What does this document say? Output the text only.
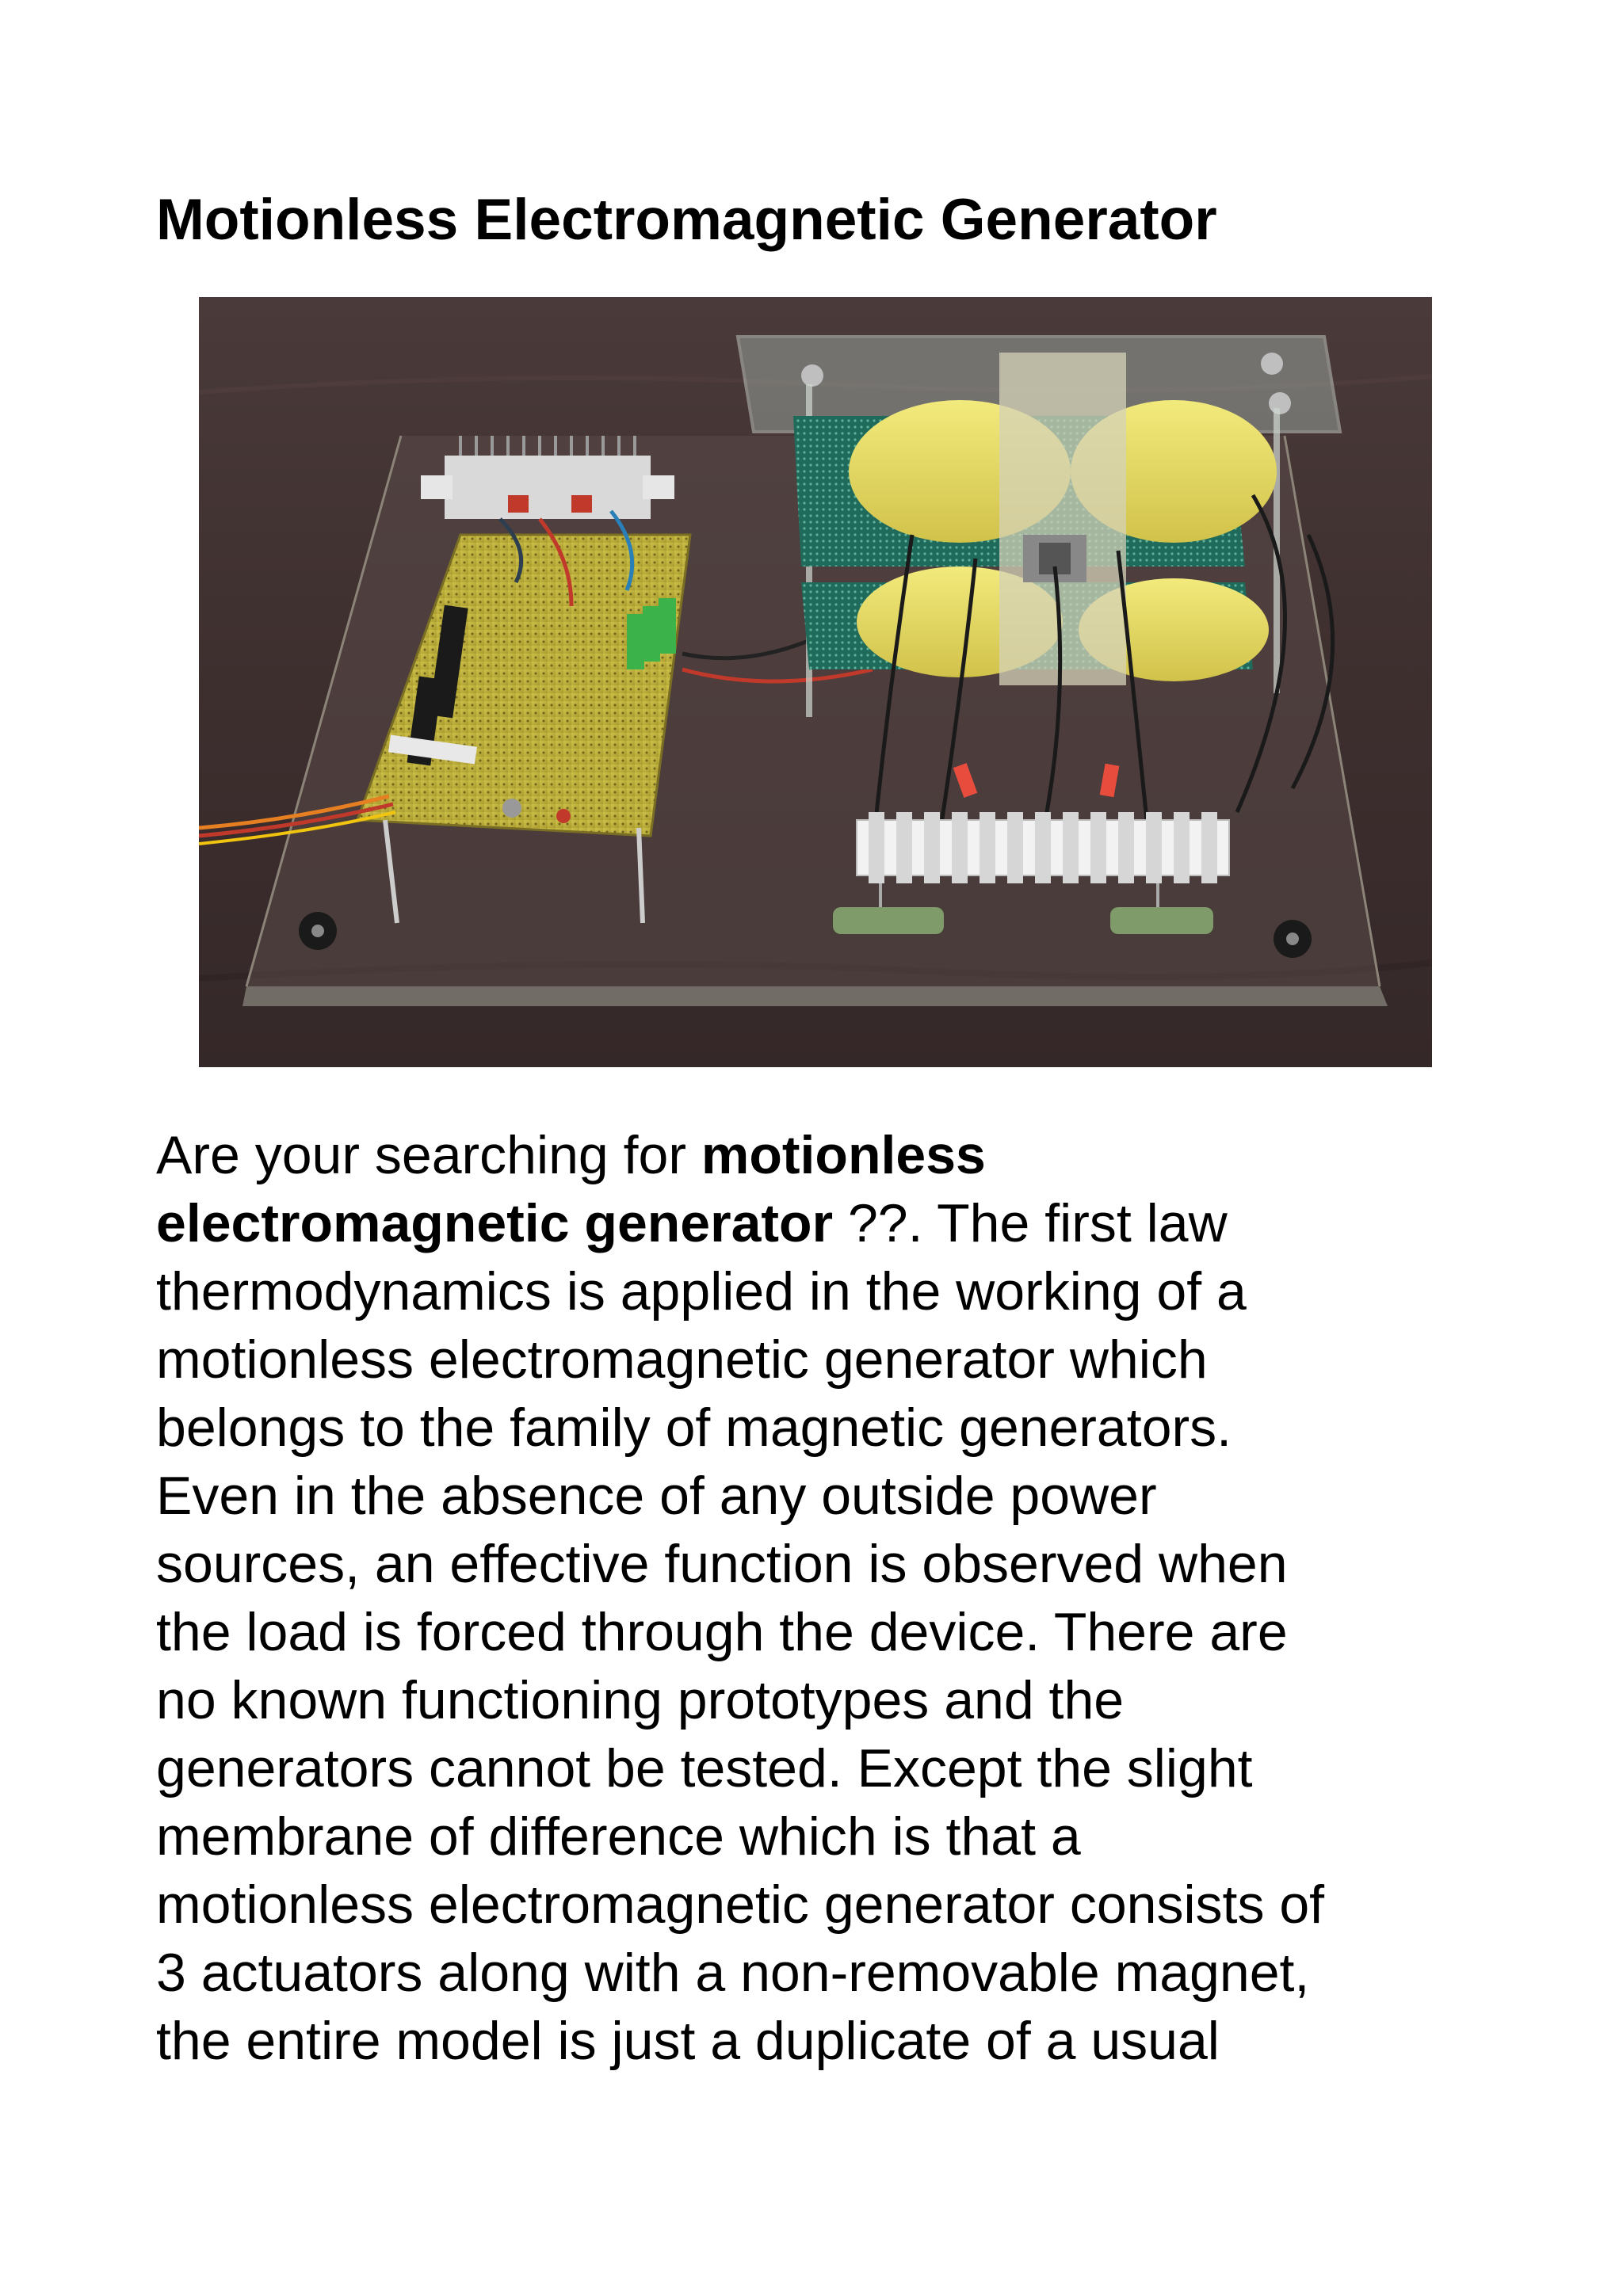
Motionless Electromagnetic Generator

Are your searching for motionless
electromagnetic generator ??. The first law
thermodynamics is applied in the working of a
motionless electromagnetic generator which
belongs to the family of magnetic generators.
Even in the absence of any outside power
sources, an effective function is observed when
the load is forced through the device. There are
no known functioning prototypes and the
generators cannot be tested. Except the slight
membrane of difference which is that a
motionless electromagnetic generator consists of
3 actuators along with a non-removable magnet,
the entire model is just a duplicate of a usual
